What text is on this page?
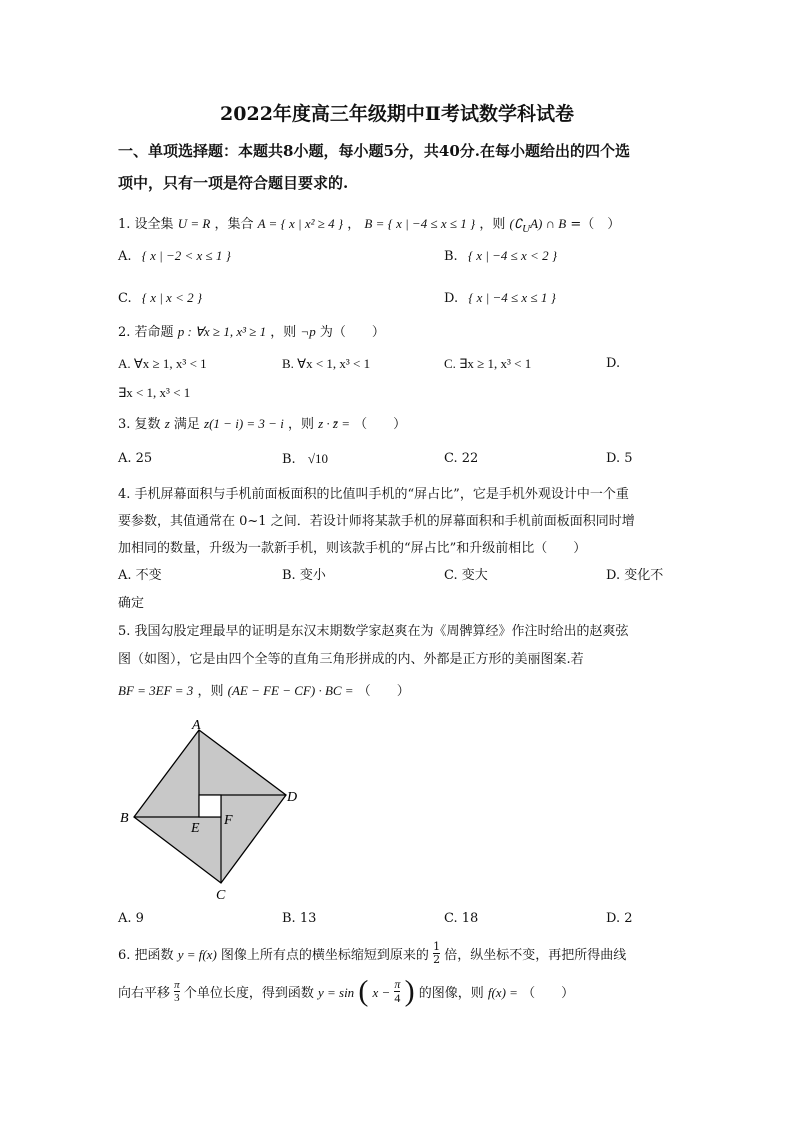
2022年度高三年级期中Ⅱ考试数学科试卷
一、单项选择题：本题共8小题，每小题5分，共40分.在每小题给出的四个选
项中，只有一项是符合题目要求的.
1. 设全集 U = R ，集合 A = { x | x² ≥ 4 } ， B = { x | −4 ≤ x ≤ 1 } ，则 $(∁_UA)$ ∩ B =（　）
A. { x | −2 < x ≤ 1 }	B. { x | −4 ≤ x < 2 }
C. { x | x < 2 }	D. { x | −4 ≤ x ≤ 1 }
2. 若命题 p : ∀x ≥ 1, x³ ≥ 1 ，则 ¬p 为（　　）
A. ∀x ≥ 1, x³ < 1	B. ∀x < 1, x³ < 1	C. ∃x ≥ 1, x³ < 1	D.
∃x < 1, x³ < 1
3. 复数 z 满足 z(1 − i) = 3 − i ，则 z · z̄ = （　　）
A. 25	B. √10	C. 22	D. 5
4. 手机屏幕面积与手机前面板面积的比值叫手机的“屏占比”，它是手机外观设计中一个重
要参数，其值通常在 0~1 之间．若设计师将某款手机的屏幕面积和手机前面板面积同时增
加相同的数量，升级为一款新手机，则该款手机的“屏占比”和升级前相比（　　）
A. 不变	B. 变小	C. 变大	D. 变化不
确定
5. 我国勾股定理最早的证明是东汉末期数学家赵爽在为《周髀算经》作注时给出的赵爽弦
图（如图），它是由四个全等的直角三角形拼成的内、外都是正方形的美丽图案.若
BF = 3EF = 3 ，则 (AE − FE − CF) · BC = （　　）
A
B
C
D
E
F
A. 9	B. 13	C. 18	D. 2
6. 把函数 y = f(x) 图像上所有点的横坐标缩短到原来的 $\frac{1}{2}$ 倍，纵坐标不变，再把所得曲线
向右平移 $\frac{\pi}{3}$ 个单位长度，得到函数 y = sin ( $x - \frac{\pi}{4}$ ) 的图像，则 f(x) = （　　）
